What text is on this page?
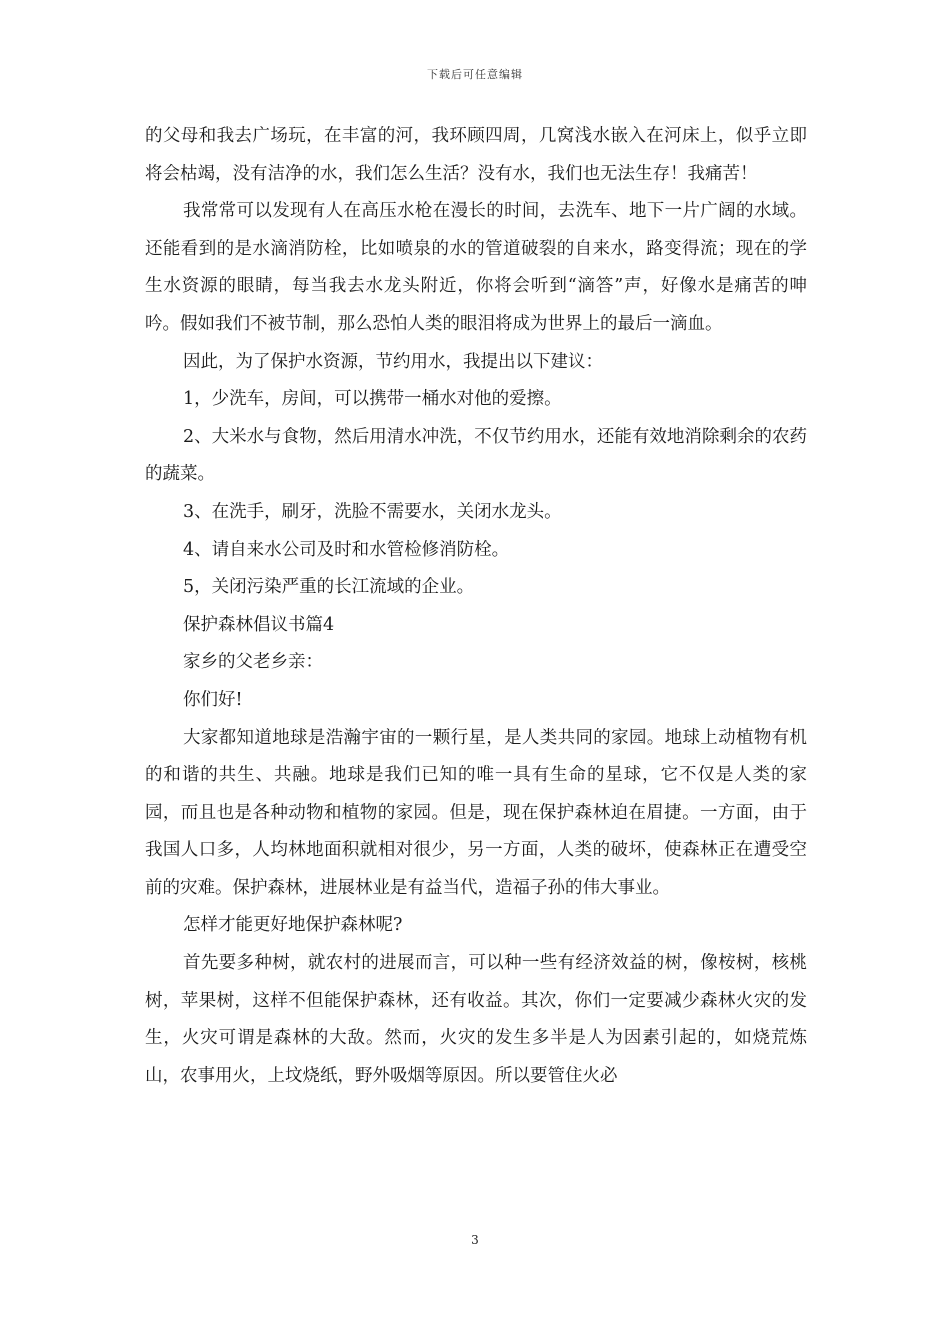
下载后可任意编辑

的父母和我去广场玩，在丰富的河，我环顾四周，几窝浅水嵌入在河床上，似乎立即将会枯竭，没有洁净的水，我们怎么生活？没有水，我们也无法生存！我痛苦！

我常常可以发现有人在高压水枪在漫长的时间，去洗车、地下一片广阔的水域。还能看到的是水滴消防栓，比如喷泉的水的管道破裂的自来水，路变得流；现在的学生水资源的眼睛，每当我去水龙头附近，你将会听到“滴答”声，好像水是痛苦的呻吟。假如我们不被节制，那么恐怕人类的眼泪将成为世界上的最后一滴血。

因此，为了保护水资源，节约用水，我提出以下建议：

1，少洗车，房间，可以携带一桶水对他的爱擦。

2、大米水与食物，然后用清水冲洗，不仅节约用水，还能有效地消除剩余的农药的蔬菜。

3、在洗手，刷牙，洗脸不需要水，关闭水龙头。

4、请自来水公司及时和水管检修消防栓。

5，关闭污染严重的长江流域的企业。

保护森林倡议书篇4

家乡的父老乡亲：

你们好!

大家都知道地球是浩瀚宇宙的一颗行星，是人类共同的家园。地球上动植物有机的和谐的共生、共融。地球是我们已知的唯一具有生命的星球，它不仅是人类的家园，而且也是各种动物和植物的家园。但是，现在保护森林迫在眉捷。一方面，由于我国人口多，人均林地面积就相对很少，另一方面，人类的破坏，使森林正在遭受空前的灾难。保护森林，进展林业是有益当代，造福子孙的伟大事业。

怎样才能更好地保护森林呢?

首先要多种树，就农村的进展而言，可以种一些有经济效益的树，像桉树，核桃树，苹果树，这样不但能保护森林，还有收益。其次，你们一定要减少森林火灾的发生，火灾可谓是森林的大敌。然而，火灾的发生多半是人为因素引起的，如烧荒炼山，农事用火，上坟烧纸，野外吸烟等原因。所以要管住火必

3
